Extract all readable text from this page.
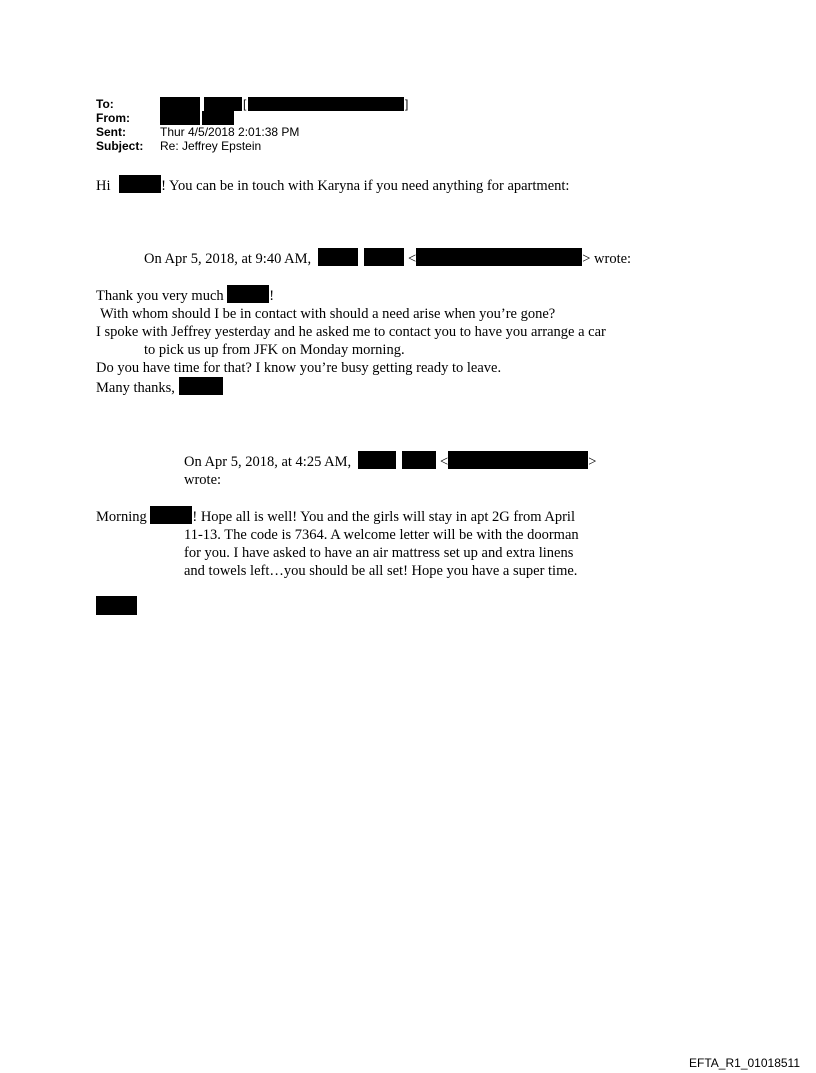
To:	[	]
From:
Sent:	Thur 4/5/2018 2:01:38 PM
Subject: Re: Jeffrey Epstein
Hi	! You can be in touch with Karyna if you need anything for apartment:
On Apr 5, 2018, at 9:40 AM,	<	> wrote:
Thank you very much	!
With whom should I be in contact with should a need arise when you’re gone?
I spoke with Jeffrey yesterday and he asked me to contact you to have you arrange a car
to pick us up from JFK on Monday morning.
Do you have time for that? I know you’re busy getting ready to leave.
Many thanks,
On Apr 5, 2018, at 4:25 AM,	<	>
wrote:
Morning	! Hope all is well! You and the girls will stay in apt 2G from April
11-13. The code is 7364. A welcome letter will be with the doorman
for you. I have asked to have an air mattress set up and extra linens
and towels left…you should be all set! Hope you have a super time.
EFTA_R1_01018511
